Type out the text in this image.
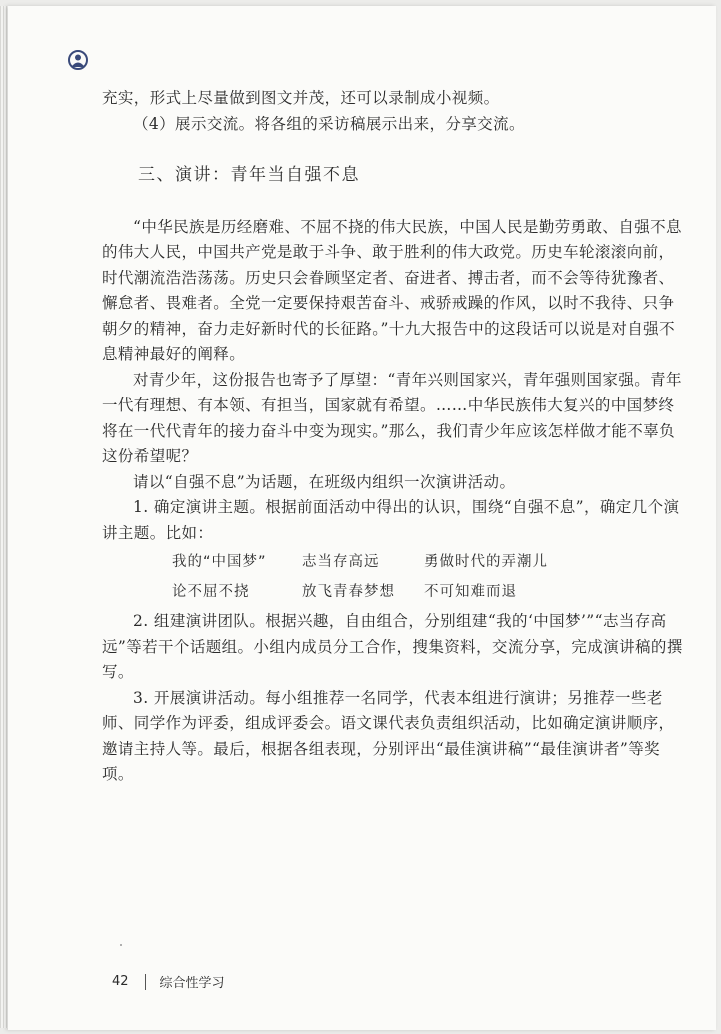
充实，形式上尽量做到图文并茂，还可以录制成小视频。

（4）展示交流。将各组的采访稿展示出来，分享交流。

三、演讲：青年当自强不息

“中华民族是历经磨难、不屈不挠的伟大民族，中国人民是勤劳勇敢、自强不息的伟大人民，中国共产党是敢于斗争、敢于胜利的伟大政党。历史车轮滚滚向前，时代潮流浩浩荡荡。历史只会眷顾坚定者、奋进者、搏击者，而不会等待犹豫者、懈怠者、畏难者。全党一定要保持艰苦奋斗、戒骄戒躁的作风，以时不我待、只争朝夕的精神，奋力走好新时代的长征路。”十九大报告中的这段话可以说是对自强不息精神最好的阐释。

对青少年，这份报告也寄予了厚望：“青年兴则国家兴，青年强则国家强。青年一代有理想、有本领、有担当，国家就有希望。……中华民族伟大复兴的中国梦终将在一代代青年的接力奋斗中变为现实。”那么，我们青少年应该怎样做才能不辜负这份希望呢？

请以“自强不息”为话题，在班级内组织一次演讲活动。

1. 确定演讲主题。根据前面活动中得出的认识，围绕“自强不息”，确定几个演讲主题。比如：

我的“中国梦”	志当存高远	勇做时代的弄潮儿
论不屈不挠	放飞青春梦想	不可知难而退

2. 组建演讲团队。根据兴趣，自由组合，分别组建“我的‘中国梦’”“志当存高远”等若干个话题组。小组内成员分工合作，搜集资料，交流分享，完成演讲稿的撰写。

3. 开展演讲活动。每小组推荐一名同学，代表本组进行演讲；另推荐一些老师、同学作为评委，组成评委会。语文课代表负责组织活动，比如确定演讲顺序，邀请主持人等。最后，根据各组表现，分别评出“最佳演讲稿”“最佳演讲者”等奖项。

42 综合性学习
